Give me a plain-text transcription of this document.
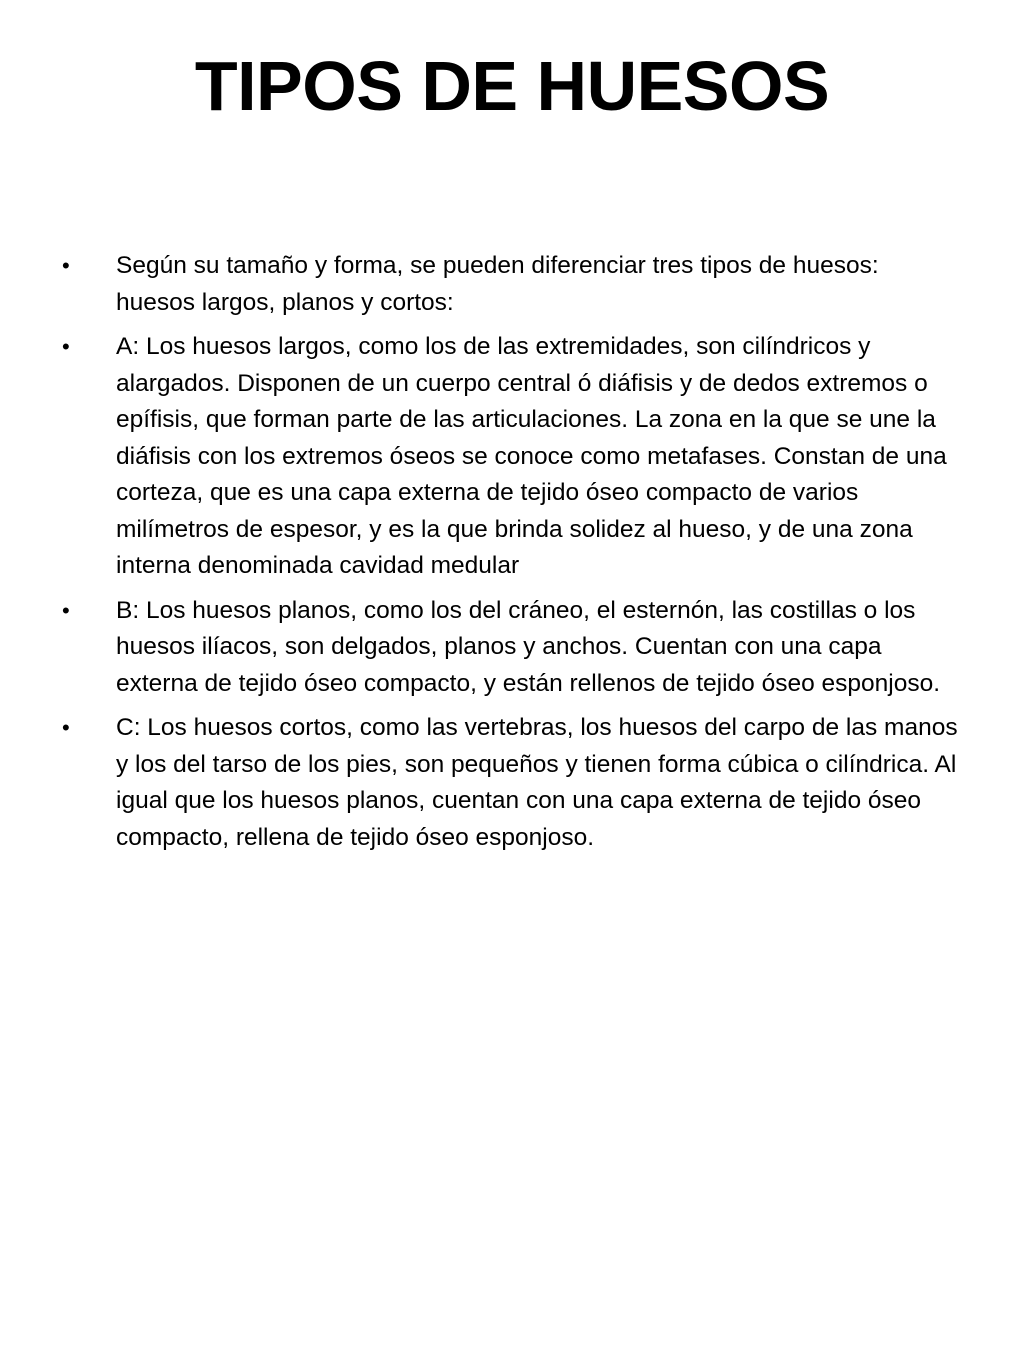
TIPOS DE HUESOS
•	Según su tamaño y forma, se pueden diferenciar tres tipos de huesos: huesos largos, planos y cortos:
•	A: Los huesos largos, como los de las extremidades, son cilíndricos y alargados. Disponen de un cuerpo central ó diáfisis y de dedos extremos o epífisis, que forman parte de las articulaciones. La zona en la que se une la diáfisis con los extremos óseos se conoce como metafases. Constan de una corteza, que es una capa externa de tejido óseo compacto de varios milímetros de espesor, y es la que brinda solidez al hueso, y de una zona interna denominada cavidad medular
•	B: Los huesos planos, como los del cráneo, el esternón, las costillas o los huesos ilíacos, son delgados, planos y anchos. Cuentan con una capa externa de tejido óseo compacto, y están rellenos de tejido óseo esponjoso.
•	C: Los huesos cortos, como las vertebras, los huesos del carpo de las manos y los del tarso de los pies, son pequeños y tienen forma cúbica o cilíndrica. Al igual que los huesos planos, cuentan con una capa externa de tejido óseo compacto, rellena de tejido óseo esponjoso.
